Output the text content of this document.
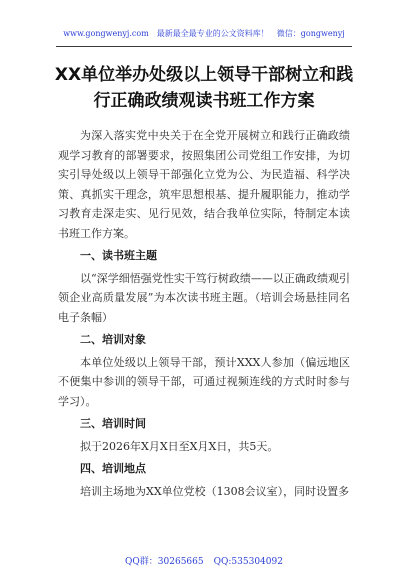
www.gongwenyj.com 最新最全最专业的公文资料库！ 微信：gongwenyj
XX单位举办处级以上领导干部树立和践行正确政绩观读书班工作方案

为深入落实党中央关于在全党开展树立和践行正确政绩观学习教育的部署要求，按照集团公司党组工作安排，为切实引导处级以上领导干部强化立党为公、为民造福、科学决策、真抓实干理念，筑牢思想根基、提升履职能力，推动学习教育走深走实、见行见效，结合我单位实际，特制定本读书班工作方案。

一、读书班主题

以“深学细悟强党性实干笃行树政绩——以正确政绩观引领企业高质量发展”为本次读书班主题。（培训会场悬挂同名电子条幅）

二、培训对象

本单位处级以上领导干部，预计XXX人参加（偏远地区不便集中参训的领导干部，可通过视频连线的方式时时参与学习）。

三、培训时间

拟于2026年X月X日至X月X日，共5天。

四、培训地点

培训主场地为XX单位党校（1308会议室），同时设置多

QQ群：30265665 QQ:535304092
